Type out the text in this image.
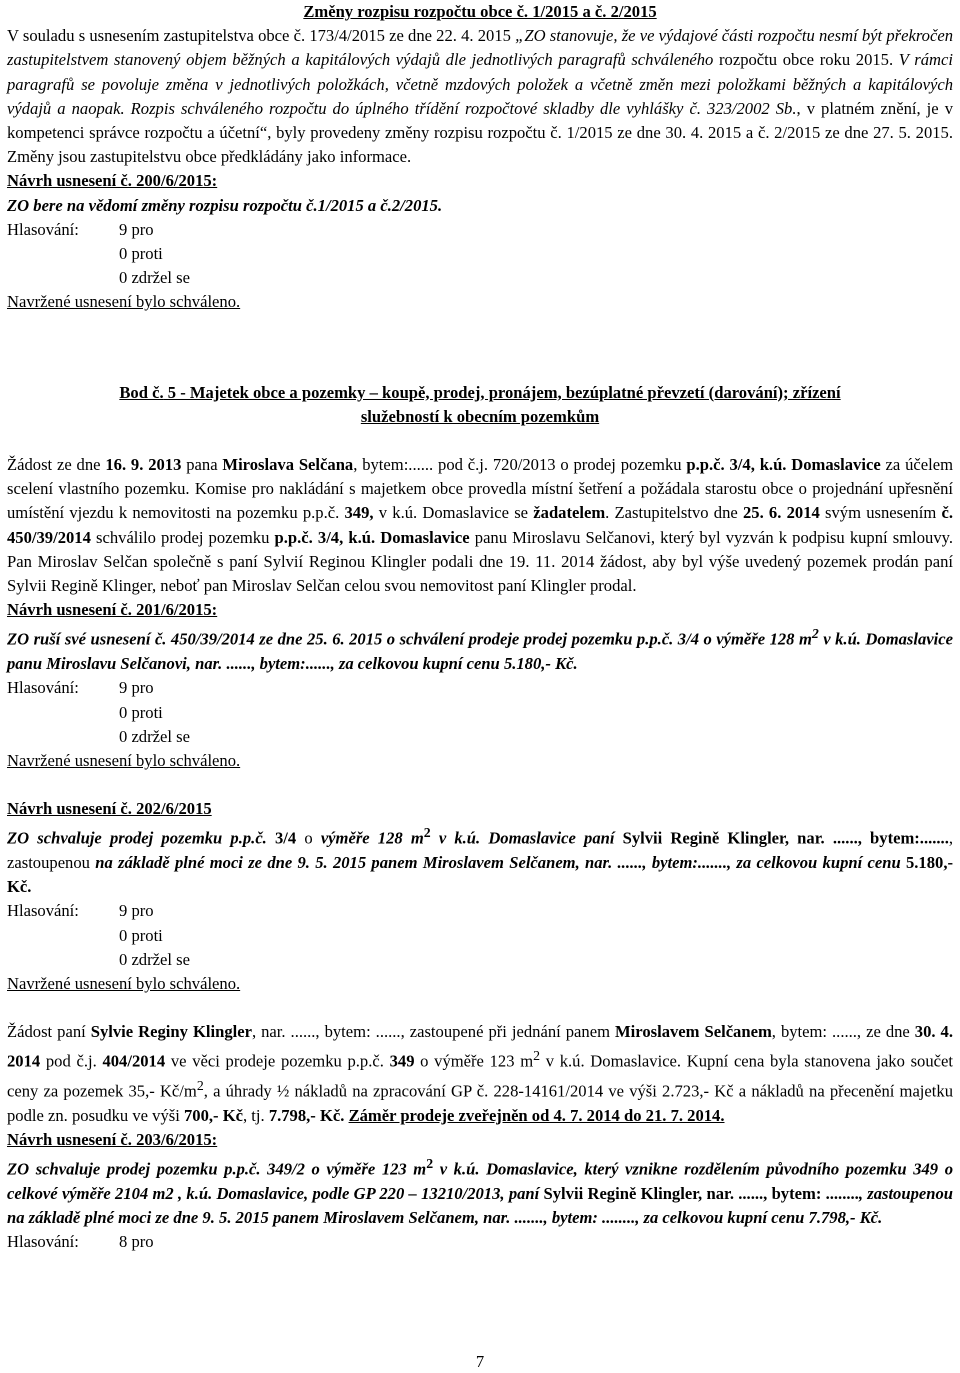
Změny rozpisu rozpočtu obce č. 1/2015 a č. 2/2015

V souladu s usnesením zastupitelstva obce č. 173/4/2015 ze dne 22. 4. 2015 „ZO stanovuje, že ve výdajové části rozpočtu nesmí být překročen zastupitelstvem stanovený objem běžných a kapitálových výdajů dle jednotlivých paragrafů schváleného rozpočtu obce roku 2015. V rámci paragrafů se povoluje změna v jednotlivých položkách, včetně mzdových položek a včetně změn mezi položkami běžných a kapitálových výdajů a naopak. Rozpis schváleného rozpočtu do úplného třídění rozpočtové skladby dle vyhlášky č. 323/2002 Sb., v platném znění, je v kompetenci správce rozpočtu a účetní“, byly provedeny změny rozpisu rozpočtu č. 1/2015 ze dne 30. 4. 2015 a č. 2/2015 ze dne 27. 5. 2015. Změny jsou zastupitelstvu obce předkládány jako informace.

Návrh usnesení č. 200/6/2015:

ZO bere na vědomí změny rozpisu rozpočtu č.1/2015 a č.2/2015.

Hlasování:	9 pro
0 proti
0 zdržel se

Navržené usnesení bylo schváleno.

Bod č. 5 - Majetek obce a pozemky – koupě, prodej, pronájem, bezúplatné převzetí (darování); zřízení
služebností k obecním pozemkům

Žádost ze dne 16. 9. 2013 pana Miroslava Selčana, bytem:...... pod č.j. 720/2013 o prodej pozemku p.p.č. 3/4, k.ú. Domaslavice za účelem scelení vlastního pozemku. Komise pro nakládání s majetkem obce provedla místní šetření a požádala starostu obce o projednání upřesnění umístění vjezdu k nemovitosti na pozemku p.p.č. 349, v k.ú. Domaslavice se žadatelem. Zastupitelstvo dne 25. 6. 2014 svým usnesením č. 450/39/2014 schválilo prodej pozemku p.p.č. 3/4, k.ú. Domaslavice panu Miroslavu Selčanovi, který byl vyzván k podpisu kupní smlouvy. Pan Miroslav Selčan společně s paní Sylvií Reginou Klingler podali dne 19. 11. 2014 žádost, aby byl výše uvedený pozemek prodán paní Sylvii Regině Klinger, neboť pan Miroslav Selčan celou svou nemovitost paní Klingler prodal.

Návrh usnesení č. 201/6/2015:

ZO ruší své usnesení č. 450/39/2014 ze dne 25. 6. 2015 o schválení prodeje prodej pozemku p.p.č. 3/4 o výměře 128 $m^2$ v k.ú. Domaslavice panu Miroslavu Selčanovi, nar. ......, bytem:......, za celkovou kupní cenu 5.180,- Kč.

Hlasování:	9 pro
0 proti
0 zdržel se

Navržené usnesení bylo schváleno.

Návrh usnesení č. 202/6/2015

ZO schvaluje prodej pozemku p.p.č. 3/4 o výměře 128 $m^2$ v k.ú. Domaslavice paní Sylvii Regině Klingler, nar. ......, bytem:......., zastoupenou na základě plné moci ze dne 9. 5. 2015 panem Miroslavem Selčanem, nar. ......, bytem:......., za celkovou kupní cenu 5.180,-Kč.

Hlasování:	9 pro
0 proti
0 zdržel se

Navržené usnesení bylo schváleno.

Žádost paní Sylvie Reginy Klingler, nar. ......, bytem: ......, zastoupené při jednání panem Miroslavem Selčanem, bytem: ......, ze dne 30. 4. 2014 pod č.j. 404/2014 ve věci prodeje pozemku p.p.č. 349 o výměře 123 $m^2$ v k.ú. Domaslavice. Kupní cena byla stanovena jako součet ceny za pozemek 35,- $Kč/m^2$, a úhrady ½ nákladů na zpracování GP č. 228-14161/2014 ve výši 2.723,- Kč a nákladů na přecenění majetku podle zn. posudku ve výši 700,- Kč, tj. 7.798,- Kč. Záměr prodeje zveřejněn od 4. 7. 2014 do 21. 7. 2014.

Návrh usnesení č. 203/6/2015:

ZO schvaluje prodej pozemku p.p.č. 349/2 o výměře 123 $m^2$ v k.ú. Domaslavice, který vznikne rozdělením původního pozemku 349 o celkové výměře 2104 m2 , k.ú. Domaslavice, podle GP 220 – 13210/2013, paní Sylvii Regině Klingler, nar. ......, bytem: ........, zastoupenou na základě plné moci ze dne 9. 5. 2015 panem Miroslavem Selčanem, nar. ......., bytem: ........, za celkovou kupní cenu 7.798,- Kč.

Hlasování:	8 pro
7
